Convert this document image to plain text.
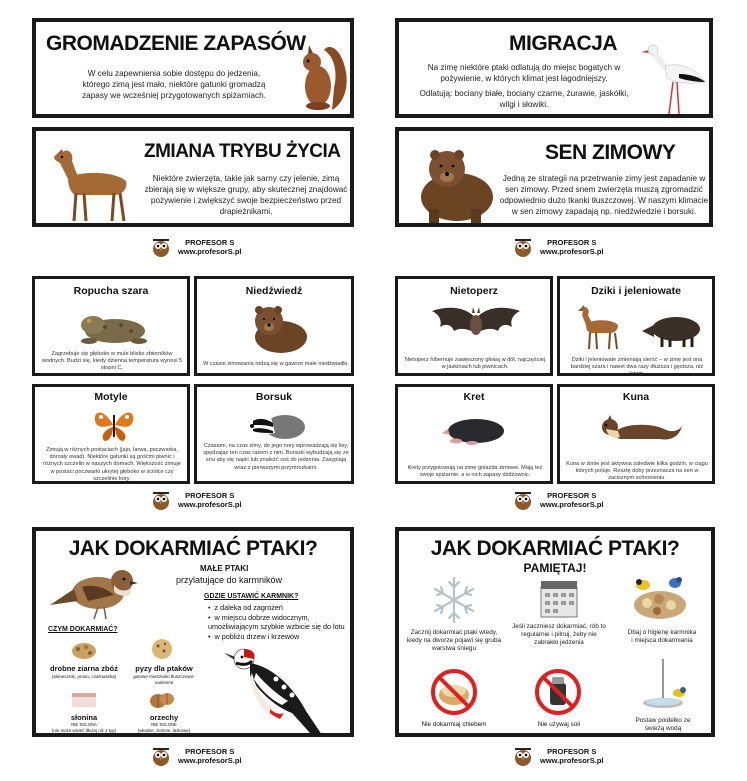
GROMADZENIE ZAPASÓW
W celu zapewnienia sobie dostępu do jedzenia, którego zimą jest mało, niektóre gatunki gromadzą zapasy we wcześniej przygotowanych spiżarniach.
MIGRACJA
Na zimę niektóre ptaki odlatują do miejsc bogatych w pożywienie, w których klimat jest łagodniejszy.
Odlatują: bociany białe, bociany czarne, żurawie, jaskółki, wilgi i słowiki.
ZMIANA TRYBU ŻYCIA
Niektóre zwierzęta, takie jak sarny czy jelenie, zimą zbierają się w większe grupy, aby skutecznej znajdować pożywienie i zwiększyć swoje bezpieczeństwo przed drapieżnikami.
SEN ZIMOWY
Jedną ze strategii na przetrwanie zimy jest zapadanie w sen zimowy. Przed snem zwierzęta muszą zgromadzić odpowiednio dużo tkanki tłuszczowej. W naszym klimacie w sen zimowy zapadają np. niedźwiedzie i borsuki.
PROFESOR S
www.profesorS.pl
PROFESOR S
www.profesorS.pl
Ropucha szara
Zagrzebuje się głęboko w mule blisko zbiorników wodnych. Budzi się, kiedy dzienna temperatura wynosi 5 stopni C.
Niedźwiedź
W czasie zimowania rodzą się w gawrze małe niedźwiadki.
Nietoperz
Nietoperz hibernuje zawieszony głową w dół, najczęściej w jaskiniach lub piwnicach.
Dziki i jeleniowate
Dziki i jeleniowate zmieniają sierść – w zimę jest ona bardziej szara i nawet dwa razy dłuższa i gęstsza, niż latem.
Motyle
Zimują w różnych postaciach (jajo, larwa, poczwarka, dorosły owad). Niektóre gatunki są gośćmi piwnic i różnych szczelin w naszych domach. Większość zimuje w postaci poczwarki ukrytej głęboko w ściółce czy szczelinie kory.
Borsuk
Czasami, na czas zimy, do jego nory wprowadzają się lisy, spędzając ten czas razem z nim. Borsuki wybudzają się ze snu aby się napić lub znaleźć coś do jedzenia. Zasypiają wraz z pierwszymi przymrozkami.
Kret
Krety przygotowują na zimę gniazda zimowe. Mają też swoje spiżarnie, a w nich zapasy dżdżownic.
Kuna
Kuna w zimie jest aktywna zaledwie kilka godzin, w ciągu których poluje. Resztę doby przeznacza na sen w zacisznym schronieniu.
PROFESOR S
www.profesorS.pl
PROFESOR S
www.profesorS.pl
JAK DOKARMIAĆ PTAKI?
MAŁE PTAKI
przylatujące do karmników
GDZIE USTAWIĆ KARMNIK?
• z daleka od zagrożeń
• w miejscu dobrze widocznym, umożliwiającym szybkie wzbicie się do lotu
• w pobliżu drzew i krzewów
CZYM DOKARMIAĆ?
drobne ziarna zbóż
(słonecznik, proso, czarnuszka)
pyzy dla ptaków
gotowe mieszanki tłuszczowo-nasienne
słonina
NIE SOLONA
(nie może wisieć dłużej niż 2 tyg)
orzechy
NIE SOLONE
(włoskie, ziemne, laskowe)
JAK DOKARMIAĆ PTAKI?
PAMIĘTAJ!
Zacznij dokarmiać ptaki wtedy, kiedy na dworze pojawi się gruba warstwa śniegu
Jeśli zaczniesz dokarmiać, rób to regularnie i pilnuj, żeby nie zabrakło jedzenia
Dbaj o higienę karmnika i miejsca dokarmiania
Nie dokarmiaj chlebem	Nie używaj soli
Postaw poidełko ze świeżą wodą
PROFESOR S
www.profesorS.pl
PROFESOR S
www.profesorS.pl
